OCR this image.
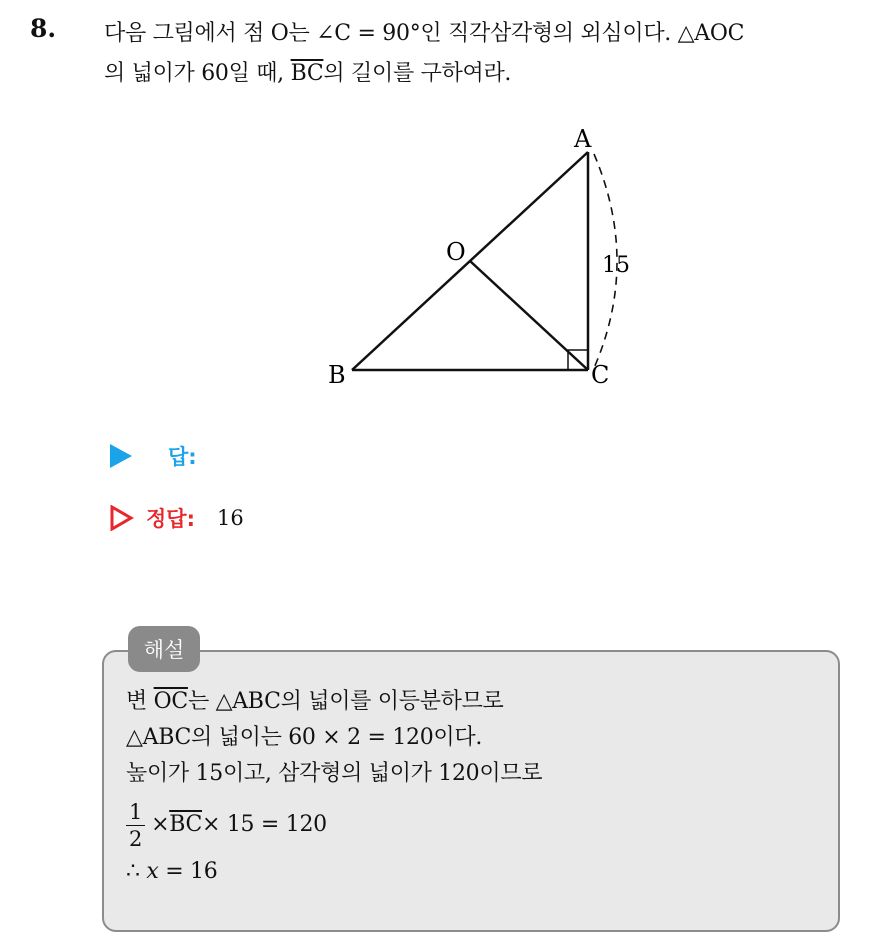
8. 다음 그림에서 점 O는 ∠C = 90°인 직각삼각형의 외심이다. △AOC
의 넓이가 60일 때, $\overline{BC}$의 길이를 구하여라.
A
O
B	C
15
답:
정답: 16
해설
변 $\overline{OC}$는 △ABC의 넓이를 이등분하므로
△ABC의 넓이는 60 × 2 = 120이다.
높이가 15이고, 삼각형의 넓이가 120이므로
$\frac{1}{2} \times \overline{BC} \times 15 = 120$
∴ x = 16
